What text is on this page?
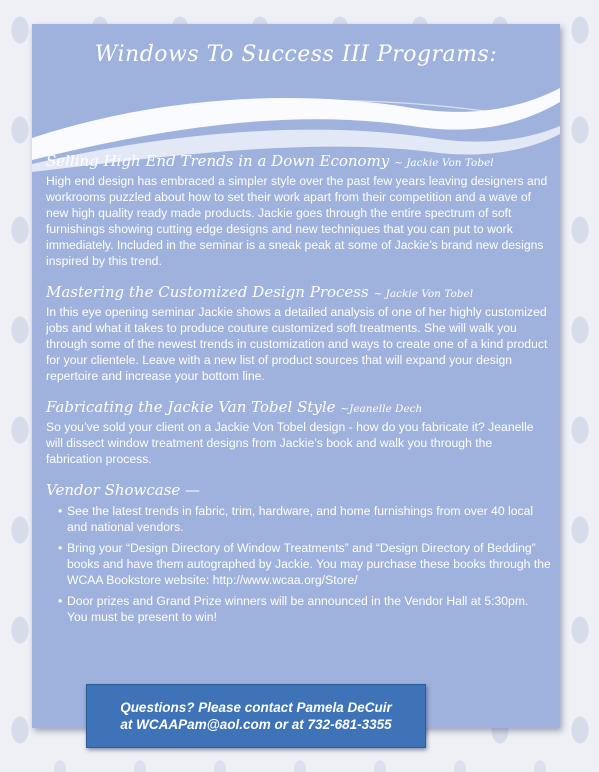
Windows To Success III Programs:

Selling High End Trends in a Down Economy ~ Jackie Von Tobel

High end design has embraced a simpler style over the past few years leaving designers and workrooms puzzled about how to set their work apart from their competition and a wave of new high quality ready made products. Jackie goes through the entire spectrum of soft furnishings showing cutting edge designs and new techniques that you can put to work immediately. Included in the seminar is a sneak peak at some of Jackie’s brand new designs inspired by this trend.

Mastering the Customized Design Process ~ Jackie Von Tobel

In this eye opening seminar Jackie shows a detailed analysis of one of her highly customized jobs and what it takes to produce couture customized soft treatments. She will walk you through some of the newest trends in customization and ways to create one of a kind product for your clientele. Leave with a new list of product sources that will expand your design repertoire and increase your bottom line.

Fabricating the Jackie Van Tobel Style ~Jeanelle Dech

So you’ve sold your client on a Jackie Von Tobel design - how do you fabricate it? Jeanelle will dissect window treatment designs from Jackie’s book and walk you through the fabrication process.

Vendor Showcase —

• See the latest trends in fabric, trim, hardware, and home furnishings from over 40 local and national vendors.
• Bring your “Design Directory of Window Treatments” and “Design Directory of Bedding” books and have them autographed by Jackie. You may purchase these books through the WCAA Bookstore website: http://www.wcaa.org/Store/
• Door prizes and Grand Prize winners will be announced in the Vendor Hall at 5:30pm. You must be present to win!
Questions? Please contact Pamela DeCuir
at WCAAPam@aol.com or at 732-681-3355
